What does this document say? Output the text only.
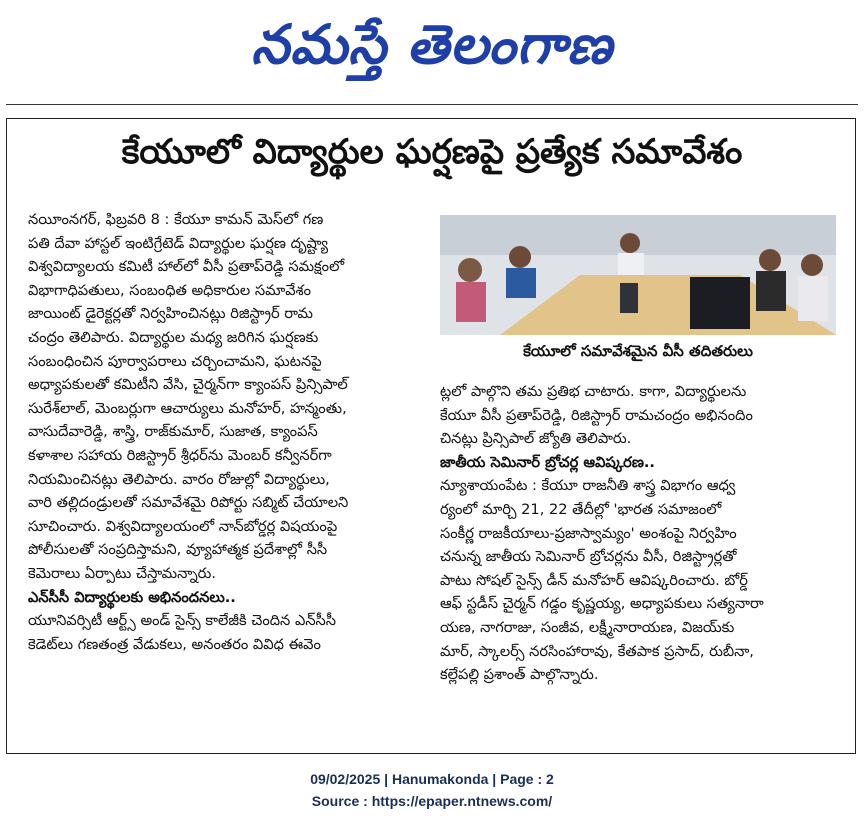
నమస్తే తెలంగాణ
కేయూలో విద్యార్థుల ఘర్షణపై ప్రత్యేక సమావేశం
నయీంనగర్, ఫిబ్రవరి 8 : కేయూ కామన్ మెస్‌లో గణ
పతి దేవా హాస్టల్ ఇంటిగ్రేటెడ్ విద్యార్థుల ఘర్షణ దృష్ట్యా
విశ్వవిద్యాలయ కమిటీ హాల్‌లో వీసీ ప్రతాప్‌రెడ్డి సమక్షంలో
విభాగాధిపతులు, సంబంధిత అధికారుల సమావేశం
జాయింట్ డైరెక్టర్లతో నిర్వహించినట్లు రిజిస్ట్రార్ రామ
చంద్రం తెలిపారు. విద్యార్థుల మధ్య జరిగిన ఘర్షణకు
సంబంధించిన పూర్వాపరాలు చర్చించామని, ఘటనపై
అధ్యాపకులతో కమిటీని వేసి, చైర్మన్‌గా క్యాంపస్ ప్రిన్సిపాల్
సురేశ్‌లాల్, మెంబర్లుగా ఆచార్యులు మనోహర్, హన్మంతు,
వాసుదేవారెడ్డి, శాస్త్రి, రాజ్‌కుమార్, సుజాత, క్యాంపస్
కళాశాల సహాయ రిజిస్ట్రార్ శ్రీధర్‌ను మెంబర్ కన్వీనర్‌గా
నియమించినట్లు తెలిపారు. వారం రోజుల్లో విద్యార్థులు,
వారి తల్లిదండ్రులతో సమావేశమై రిపోర్టు సబ్మిట్ చేయాలని
సూచించారు. విశ్వవిద్యాలయంలో నాన్‌బోర్డర్ల విషయంపై
పోలీసులతో సంప్రదిస్తామని, వ్యూహాత్మక ప్రదేశాల్లో సీసీ
కెమెరాలు ఏర్పాటు చేస్తామన్నారు.
ఎన్‌సీసీ విద్యార్థులకు అభినందనలు..
యూనివర్సిటీ ఆర్ట్స్ అండ్ సైన్స్ కాలేజీకి చెందిన ఎన్‌సీసీ
కెడెట్‌లు గణతంత్ర వేడుకలు, అనంతరం వివిధ ఈవెం
కేయూలో సమావేశమైన వీసీ తదితరులు
ట్లలో పాల్గొని తమ ప్రతిభ చాటారు. కాగా, విద్యార్థులను
కేయూ వీసీ ప్రతాప్‌రెడ్డి, రిజిస్ట్రార్ రామచంద్రం అభినందిం
చినట్లు ప్రిన్సిపాల్ జ్యోతి తెలిపారు.
జాతీయ సెమినార్ బ్రోచర్ల ఆవిష్కరణ..
న్యూశాయంపేట : కేయూ రాజనీతి శాస్త్ర విభాగం ఆధ్వ
ర్యంలో మార్చి 21, 22 తేదీల్లో 'భారత సమాజంలో
సంకీర్ణ రాజకీయాలు-ప్రజాస్వామ్యం' అంశంపై నిర్వహిం
చనున్న జాతీయ సెమినార్ బ్రోచర్లను వీసీ, రిజిస్ట్రార్లతో
పాటు సోషల్ సైన్స్ డీన్ మనోహర్ ఆవిష్కరించారు. బోర్డ్
ఆఫ్ స్టడీస్ చైర్మన్ గడ్డం కృష్ణయ్య, అధ్యాపకులు సత్యనారా
యణ, నాగరాజు, సంజీవ, లక్ష్మీనారాయణ, విజయ్‌కు
మార్, స్కాలర్స్ నరసింహారావు, కేతపాక ప్రసాద్, రుబీనా,
కల్లేపల్లి ప్రశాంత్ పాల్గొన్నారు.
09/02/2025 | Hanumakonda | Page : 2
Source : https://epaper.ntnews.com/
